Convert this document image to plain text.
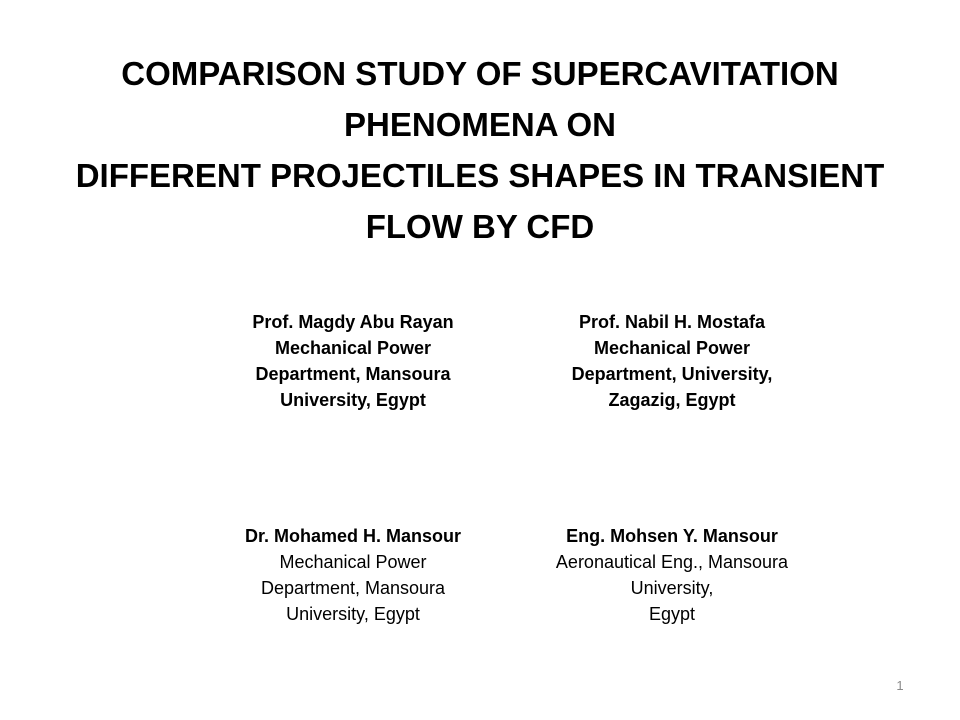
COMPARISON STUDY OF SUPERCAVITATION
PHENOMENA ON
DIFFERENT PROJECTILES SHAPES IN TRANSIENT
FLOW BY CFD
Prof. Magdy Abu Rayan
Mechanical Power
Department, Mansoura
University, Egypt
Prof. Nabil H. Mostafa
Mechanical Power
Department, University,
Zagazig, Egypt
Dr. Mohamed H. Mansour
Mechanical Power
Department, Mansoura
University, Egypt
Eng. Mohsen Y. Mansour
Aeronautical Eng., Mansoura
University,
Egypt
1
